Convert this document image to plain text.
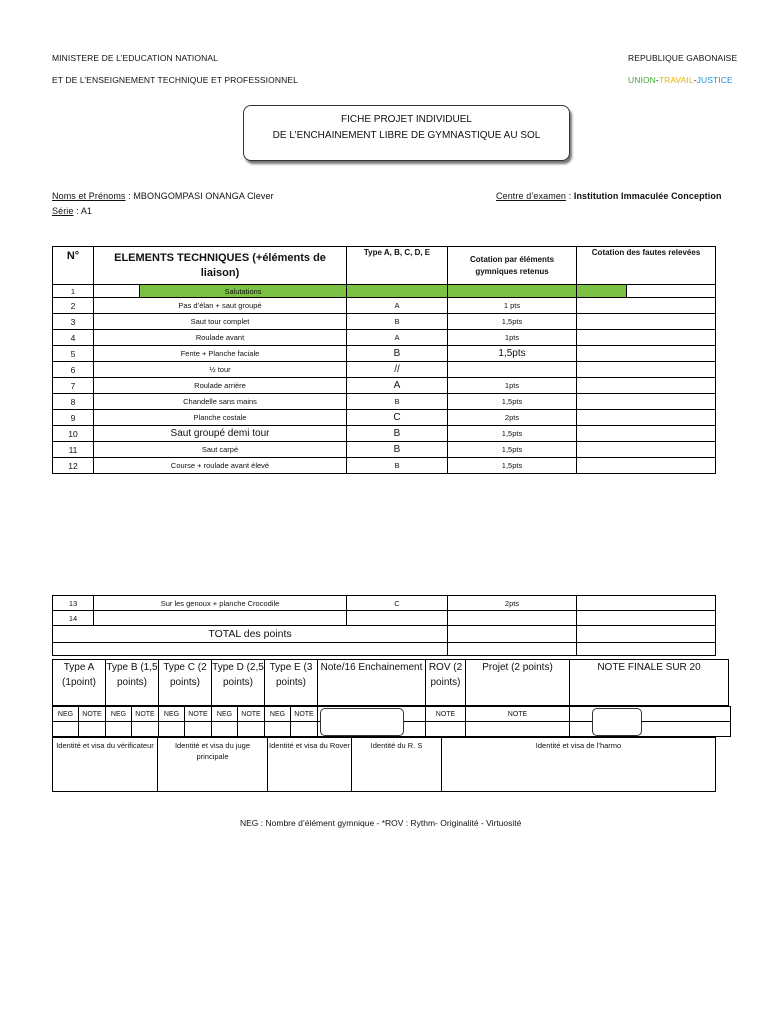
MINISTERE DE L’EDUCATION NATIONAL
ET DE L’ENSEIGNEMENT TECHNIQUE ET PROFESSIONNEL
REPUBLIQUE GABONAISE
UNION-TRAVAIL-JUSTICE
FICHE PROJET INDIVIDUEL
DE L’ENCHAINEMENT LIBRE DE GYMNASTIQUE AU SOL
Noms et Prénoms : MBONGOMPASI ONANGA Clever
Série : A1
Centre d’examen : Institution Immaculée Conception
N°	ELEMENTS TECHNIQUES (+éléments de liaison)		Type A, B, C, D, E	Cotation par éléments gymniques retenus	Cotation des fautes relevées	
1		Salutations				
2	Pas d’élan + saut groupé		A	1 pts		
3	Saut tour complet		B	1,5pts		
4	Roulade avant		A	1pts		
5	Fente + Planche faciale		B	1,5pts		
6	½ tour		//			
7	Roulade arrière		A	1pts		
8	Chandelle sans mains		B	1,5pts		
9	Planche costale		C	2pts		
10	Saut groupé demi tour		B	1,5pts		
11	Saut carpé		B	1,5pts		
12	Course + roulade avant élevé		B	1,5pts		
13	Sur les genoux + planche Crocodile	C	2pts	
14				
TOTAL des points				

Type A (1point)	Type B (1,5 points)	Type C (2 points)	Type D (2,5 points)	Type E (3 points)	Note/16 Enchainement	ROV (2 points)	Projet (2 points)	NOTE FINALE SUR 20
NEG	NOTE	NEG	NOTE	NEG	NOTE	NEG	NOTE	NEG	NOTE		NOTE	NOTE	

Identité et visa du vérificateur	Identité et visa du juge principale	Identité et visa du Rover	Identité du R. S	Identité et visa de l’harmo
NEG : Nombre d’élément gymnique - *ROV : Rythm- Originalité - Virtuosité
